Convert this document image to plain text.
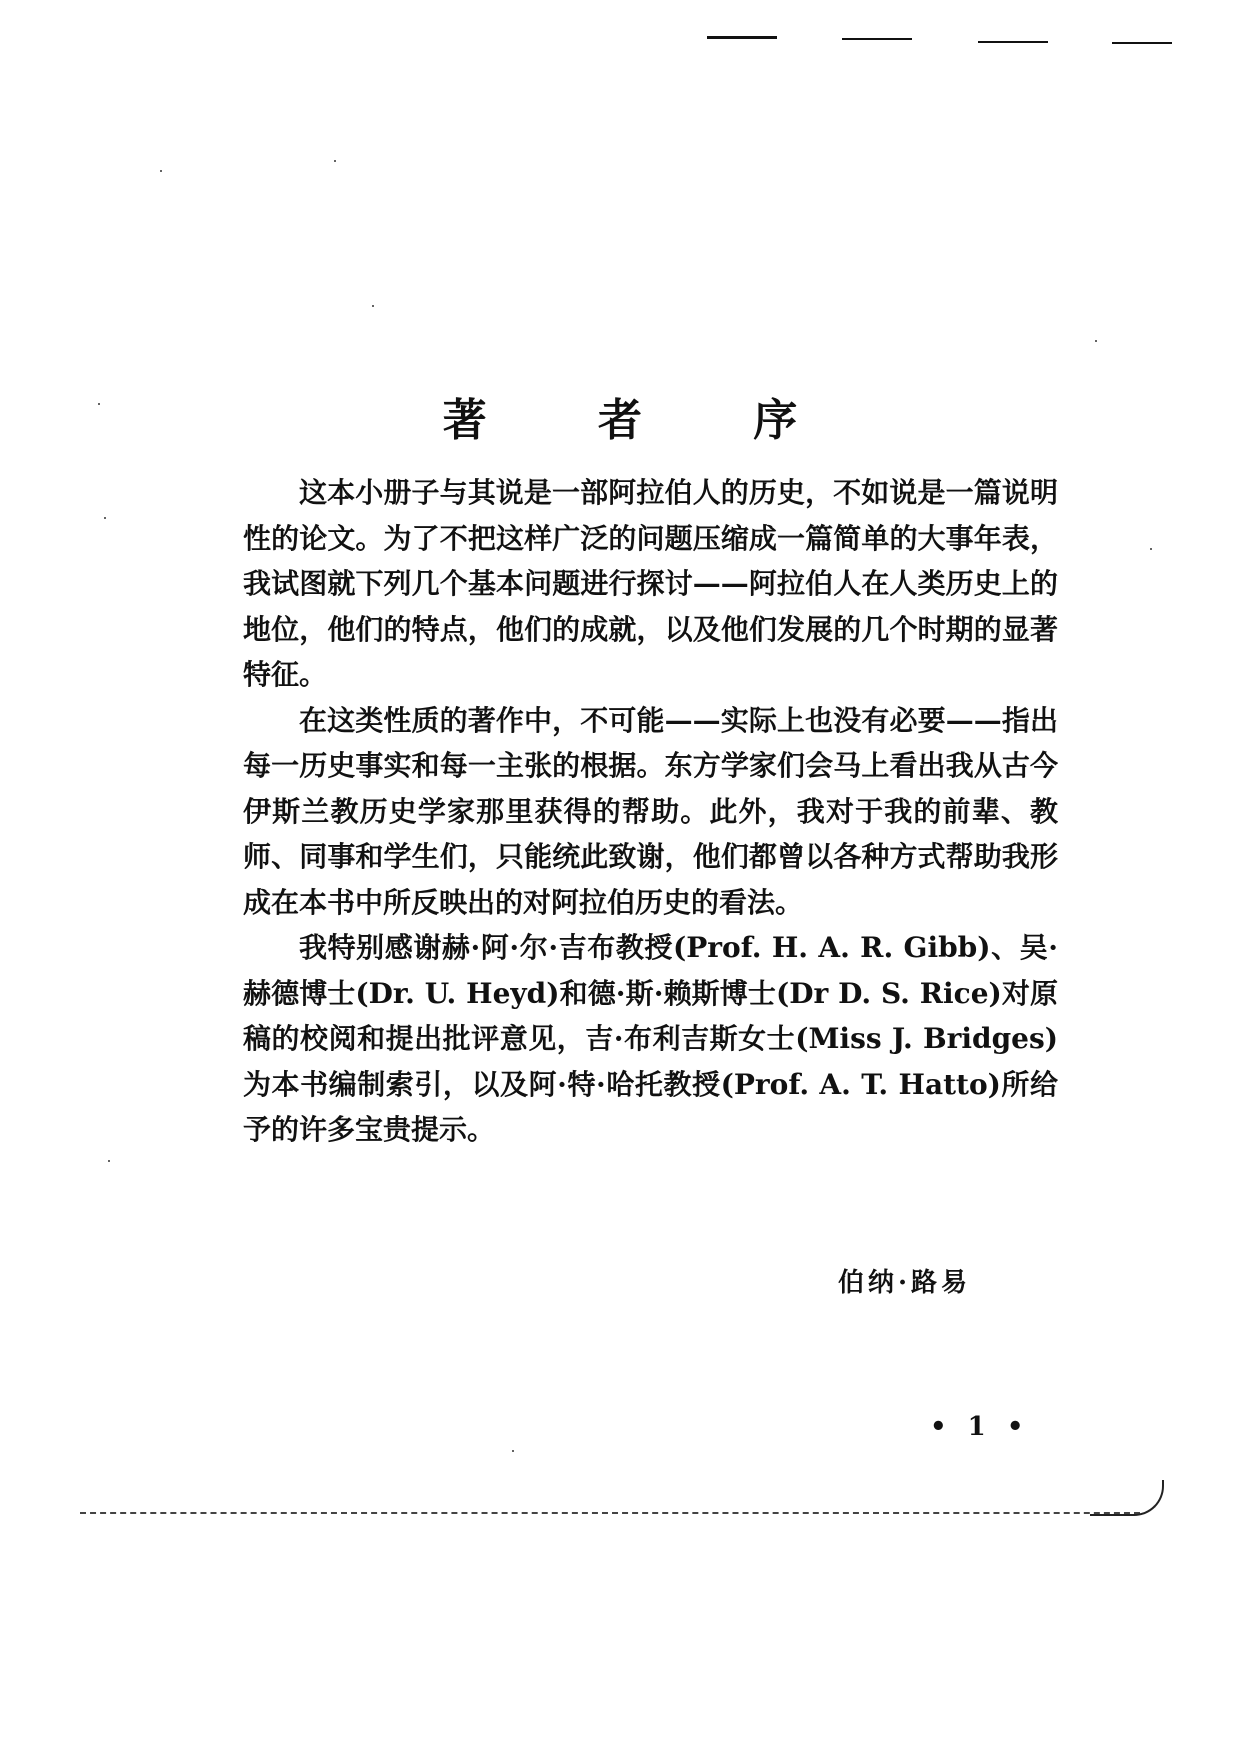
著 者 序

这本小册子与其说是一部阿拉伯人的历史，不如说是一篇说明性的论文。为了不把这样广泛的问题压缩成一篇简单的大事年表，我试图就下列几个基本问题进行探讨——阿拉伯人在人类历史上的地位，他们的特点，他们的成就，以及他们发展的几个时期的显著特征。

在这类性质的著作中，不可能——实际上也没有必要——指出每一历史事实和每一主张的根据。东方学家们会马上看出我从古今伊斯兰教历史学家那里获得的帮助。此外，我对于我的前辈、教师、同事和学生们，只能统此致谢，他们都曾以各种方式帮助我形成在本书中所反映出的对阿拉伯历史的看法。

我特别感谢赫·阿·尔·吉布教授(Prof. H. A. R. Gibb)、吴·赫德博士(Dr. U. Heyd)和德·斯·赖斯博士(Dr D. S. Rice)对原稿的校阅和提出批评意见，吉·布利吉斯女士(Miss J. Bridges)为本书编制索引，以及阿·特·哈托教授(Prof. A. T. Hatto)所给予的许多宝贵提示。

伯纳·路易
• 1 •
